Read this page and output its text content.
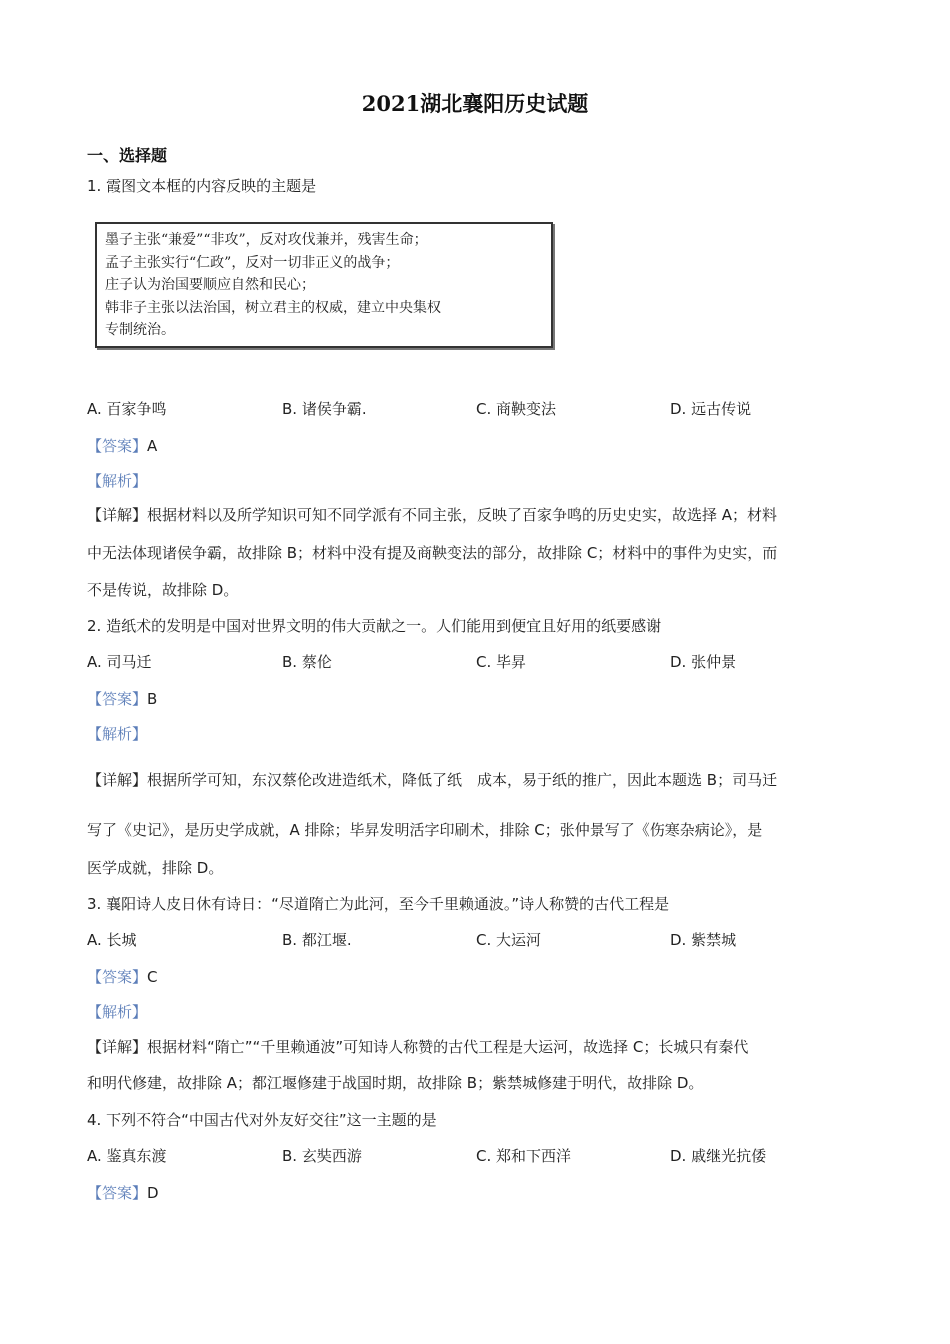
2021湖北襄阳历史试题
一、选择题
1. 霞图文本框的内容反映的主题是
墨子主张“兼爱”“非攻”，反对攻伐兼并，残害生命；
孟子主张实行“仁政”，反对一切非正义的战争；
庄子认为治国要顺应自然和民心；
韩非子主张以法治国，树立君主的权威，建立中央集权
专制统治。
A. 百家争鸣	B. 诸侯争霸.	C. 商鞅变法	D. 远古传说
【答案】A
【解析】
【详解】根据材料以及所学知识可知不同学派有不同主张，反映了百家争鸣的历史史实，故选择 A；材料
中无法体现诸侯争霸，故排除 B；材料中没有提及商鞅变法的部分，故排除 C；材料中的事件为史实，而
不是传说，故排除 D。
2. 造纸术的发明是中国对世界文明的伟大贡献之一。人们能用到便宜且好用的纸要感谢
A. 司马迁	B. 蔡伦	C. 毕昇	D. 张仲景
【答案】B
【解析】
【详解】根据所学可知，东汉蔡伦改进造纸术，降低了纸　成本，易于纸的推广，因此本题选 B；司马迁
写了《史记》，是历史学成就，A 排除；毕昇发明活字印刷术，排除 C；张仲景写了《伤寒杂病论》，是
医学成就，排除 D。
3. 襄阳诗人皮日休有诗日：“尽道隋亡为此河，至今千里赖通波。”诗人称赞的古代工程是
A. 长城	B. 都江堰.	C. 大运河	D. 紫禁城
【答案】C
【解析】
【详解】根据材料“隋亡”“千里赖通波”可知诗人称赞的古代工程是大运河，故选择 C；长城只有秦代
和明代修建，故排除 A；都江堰修建于战国时期，故排除 B；紫禁城修建于明代，故排除 D。
4. 下列不符合“中国古代对外友好交往”这一主题的是
A. 鉴真东渡	B. 玄奘西游	C. 郑和下西洋	D. 戚继光抗倭
【答案】D
